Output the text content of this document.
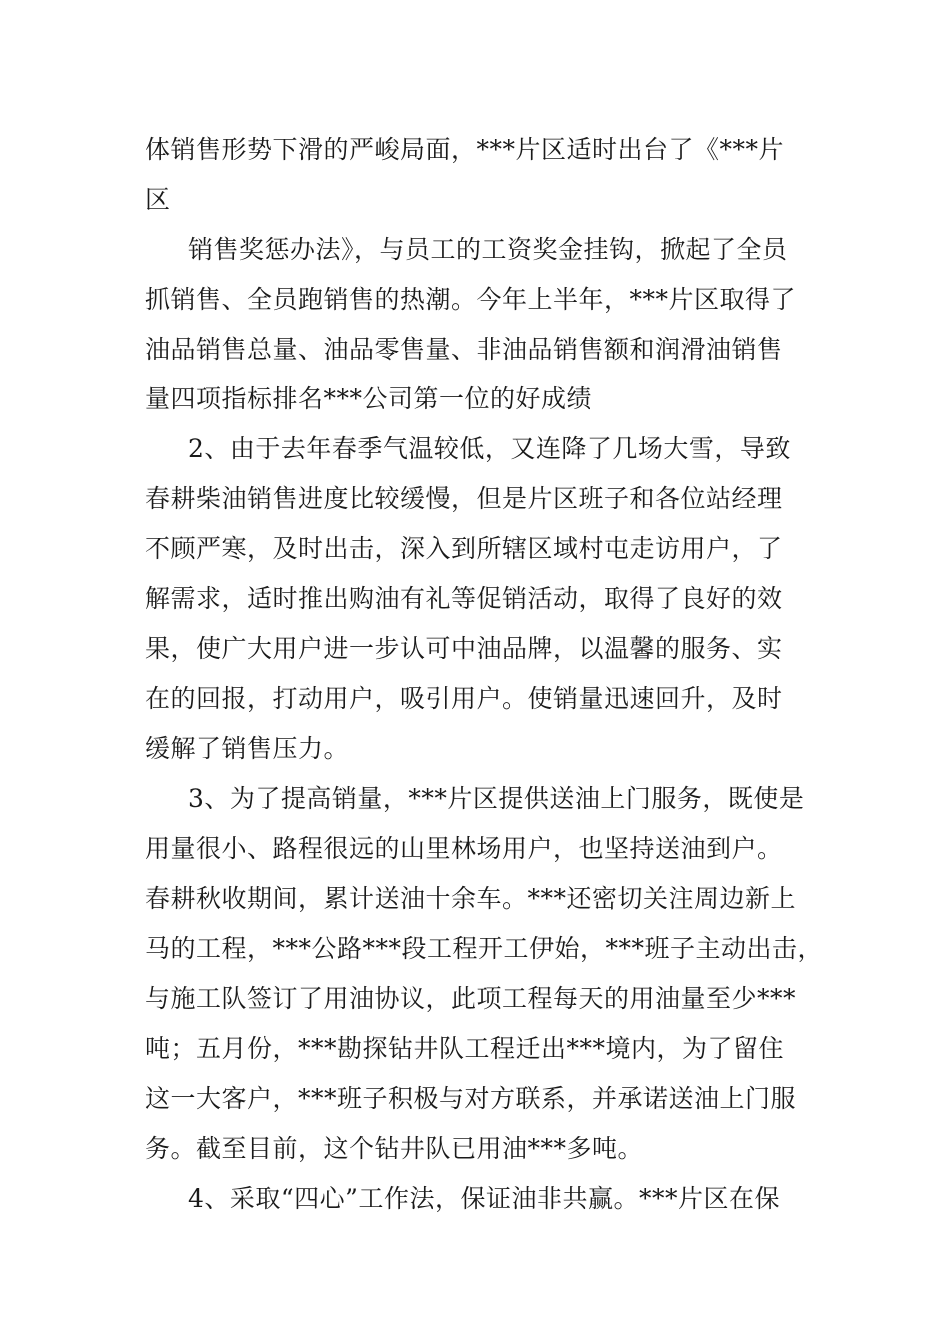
体销售形势下滑的严峻局面，***片区适时出台了《***片
区
销售奖惩办法》，与员工的工资奖金挂钩，掀起了全员
抓销售、全员跑销售的热潮。今年上半年，***片区取得了
油品销售总量、油品零售量、非油品销售额和润滑油销售
量四项指标排名***公司第一位的好成绩
2、由于去年春季气温较低，又连降了几场大雪，导致
春耕柴油销售进度比较缓慢，但是片区班子和各位站经理
不顾严寒，及时出击，深入到所辖区域村屯走访用户，了
解需求，适时推出购油有礼等促销活动，取得了良好的效
果，使广大用户进一步认可中油品牌，以温馨的服务、实
在的回报，打动用户，吸引用户。使销量迅速回升，及时
缓解了销售压力。
3、为了提高销量，***片区提供送油上门服务，既使是
用量很小、路程很远的山里林场用户，也坚持送油到户。
春耕秋收期间，累计送油十余车。***还密切关注周边新上
马的工程，***公路***段工程开工伊始，***班子主动出击，
与施工队签订了用油协议，此项工程每天的用油量至少***
吨；五月份，***勘探钻井队工程迁出***境内，为了留住
这一大客户，***班子积极与对方联系，并承诺送油上门服
务。截至目前，这个钻井队已用油***多吨。
4、采取“四心”工作法，保证油非共赢。***片区在保
